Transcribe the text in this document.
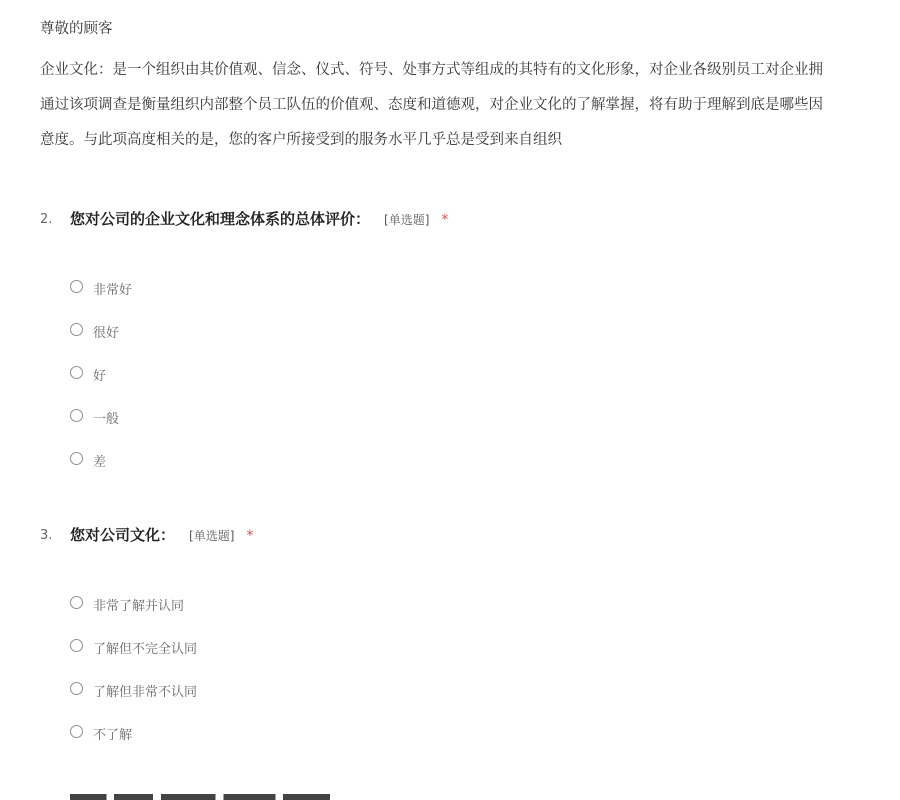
尊敬的顾客
企业文化：是一个组织由其价值观、信念、仪式、符号、处事方式等组成的其特有的文化形象，对企业各级别员工对企业拥
通过该项调查是衡量组织内部整个员工队伍的价值观、态度和道德观，对企业文化的了解掌握，将有助于理解到底是哪些因
意度。与此项高度相关的是，您的客户所接受到的服务水平几乎总是受到来自组织
2. 您对公司的企业文化和理念体系的总体评价： [单选题] *
非常好
很好
好
一般
差
3. 您对公司文化： [单选题] *
非常了解并认同
了解但不完全认同
了解但非常不认同
不了解
